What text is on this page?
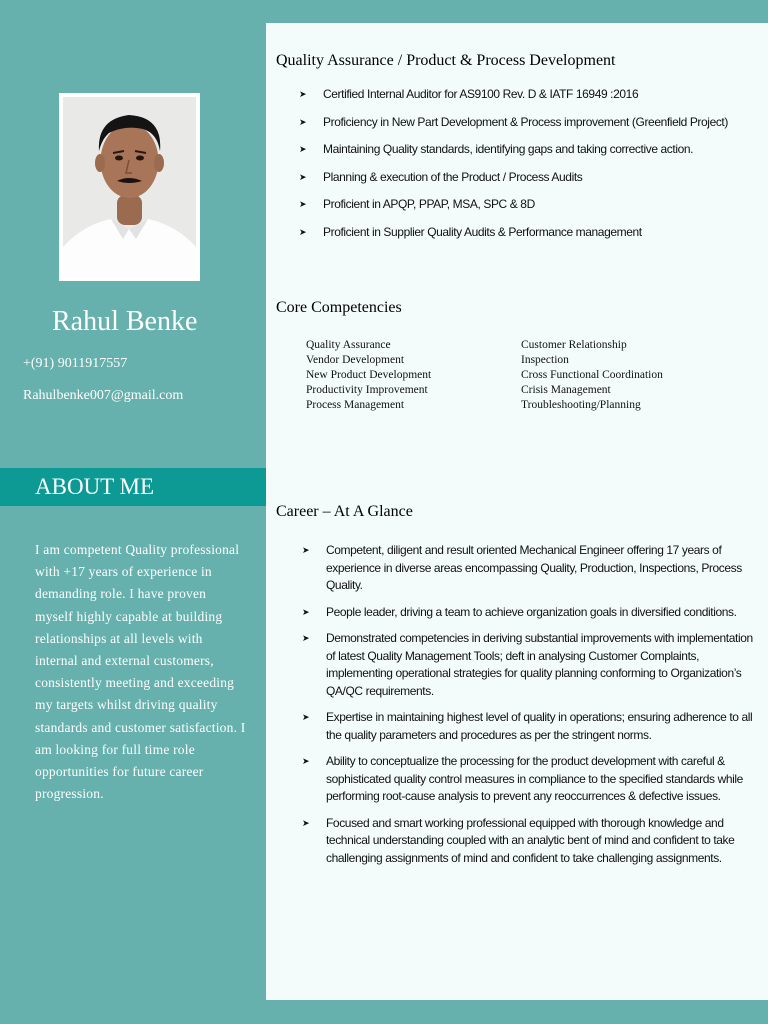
Rahul Benke
+(91) 9011917557
Rahulbenke007@gmail.com
ABOUT ME

I am competent Quality professional with +17 years of experience in demanding role. I have proven myself highly capable at building relationships at all levels with internal and external customers, consistently meeting and exceeding my targets whilst driving quality standards and customer satisfaction. I am looking for full time role opportunities for future career progression.

Quality Assurance / Product & Process Development
➤ Certified Internal Auditor for AS9100 Rev. D & IATF 16949 :2016
➤ Proficiency in New Part Development & Process improvement (Greenfield Project)
➤ Maintaining Quality standards, identifying gaps and taking corrective action.
➤ Planning & execution of the Product / Process Audits
➤ Proficient in APQP, PPAP, MSA, SPC & 8D
➤ Proficient in Supplier Quality Audits & Performance management
Core Competencies
Quality Assurance
Vendor Development
New Product Development
Productivity Improvement
Process Management
Customer Relationship
Inspection
Cross Functional Coordination
Crisis Management
Troubleshooting/Planning
Career – At A Glance
➤ Competent, diligent and result oriented Mechanical Engineer offering 17 years of experience in diverse areas encompassing Quality, Production, Inspections, Process Quality.
➤ People leader, driving a team to achieve organization goals in diversified conditions.
➤ Demonstrated competencies in deriving substantial improvements with implementation of latest Quality Management Tools; deft in analysing Customer Complaints, implementing operational strategies for quality planning conforming to Organization’s QA/QC requirements.
➤ Expertise in maintaining highest level of quality in operations; ensuring adherence to all the quality parameters and procedures as per the stringent norms.
➤ Ability to conceptualize the processing for the product development with careful & sophisticated quality control measures in compliance to the specified standards while performing root-cause analysis to prevent any reoccurrences & defective issues.
➤ Focused and smart working professional equipped with thorough knowledge and technical understanding coupled with an analytic bent of mind and confident to take challenging assignments of mind and confident to take challenging assignments.
